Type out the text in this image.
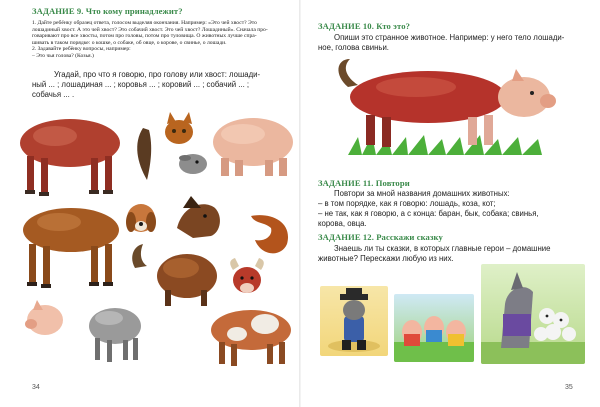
ЗАДАНИЕ 9. Что кому принадлежит?

1. Дайте ребёнку образец ответа, голосом выделяя окончания. Например: «Это чей хвост? Это

лошадиный хвост. А это чей хвост? Это собачий хвост. Это чей хвост? Лошадиный». Сначала про-

говаривают про все хвосты, потом про головы, потом про туловища. О животных лучше спра-

шивать в таком порядке: о кошке, о собаке, об овце, о корове, о свинье, о лошади.

2. Задавайте ребёнку вопросы, например:

– Это чья голова? (Козья.)

Угадай, про что я говорю, про голову или хвост: лошади-

ный ... ; лошадиная ... ; коровья ... ; коровий ... ; собачий ... ;

собачья ... .

34
ЗАДАНИЕ 10. Кто это?

Опиши это странное животное. Например: у него тело лошади-

ное, голова свиньи.

ЗАДАНИЕ 11. Повтори

Повтори за мной названия домашних животных:

– в том порядке, как я говорю: лошадь, коза, кот;

– не так, как я говорю, а с конца: баран, бык, собака; свинья,

корова, овца.

ЗАДАНИЕ 12. Расскажи сказку

Знаешь ли ты сказки, в которых главные герои – домашние

животные? Перескажи любую из них.

35
